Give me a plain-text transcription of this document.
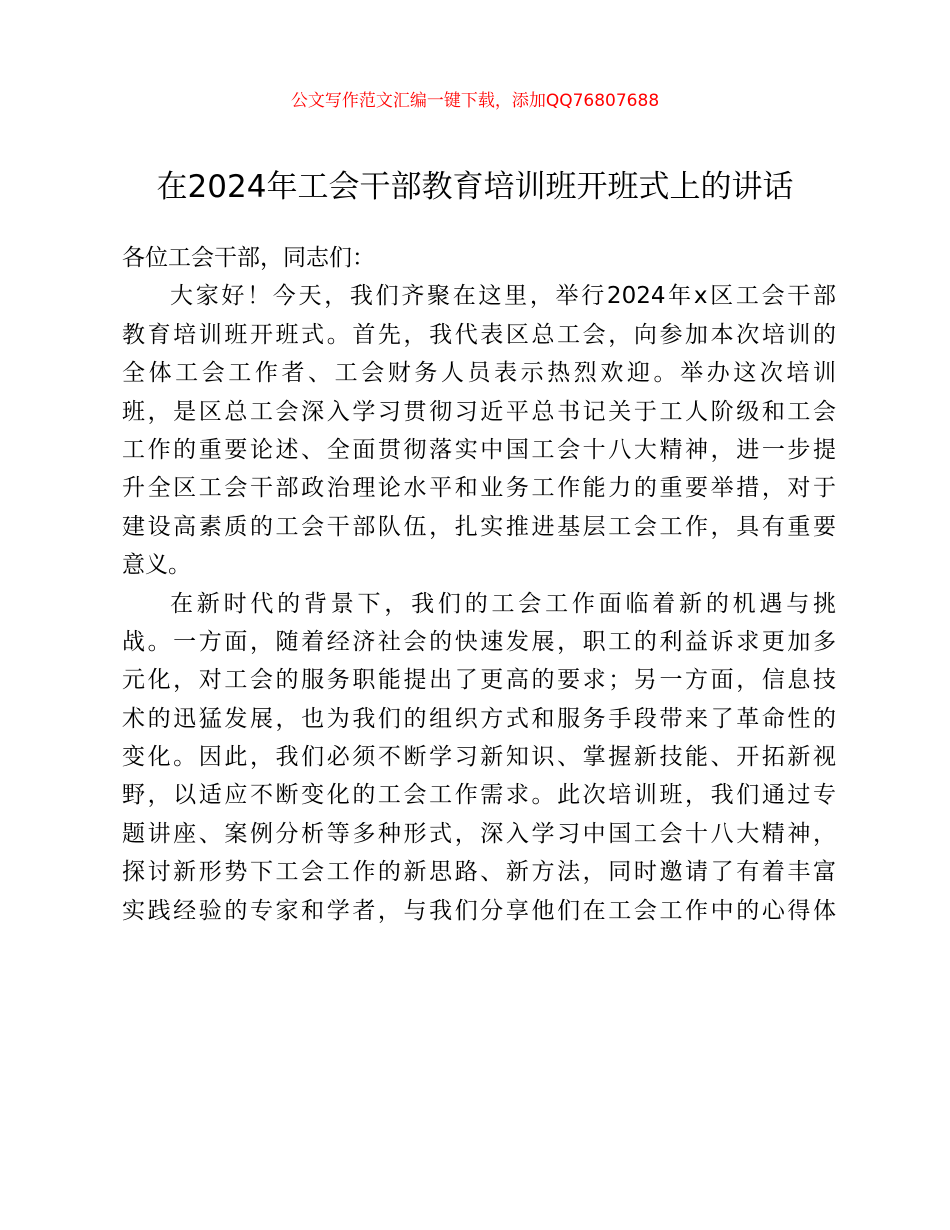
公文写作范文汇编一键下载，添加QQ76807688
在2024年工会干部教育培训班开班式上的讲话
各位工会干部，同志们：
大家好！今天，我们齐聚在这里，举行2024年x区工会干部
教育培训班开班式。首先，我代表区总工会，向参加本次培训的
全体工会工作者、工会财务人员表示热烈欢迎。举办这次培训
班，是区总工会深入学习贯彻习近平总书记关于工人阶级和工会
工作的重要论述、全面贯彻落实中国工会十八大精神，进一步提
升全区工会干部政治理论水平和业务工作能力的重要举措，对于
建设高素质的工会干部队伍，扎实推进基层工会工作，具有重要
意义。
在新时代的背景下，我们的工会工作面临着新的机遇与挑
战。一方面，随着经济社会的快速发展，职工的利益诉求更加多
元化，对工会的服务职能提出了更高的要求；另一方面，信息技
术的迅猛发展，也为我们的组织方式和服务手段带来了革命性的
变化。因此，我们必须不断学习新知识、掌握新技能、开拓新视
野，以适应不断变化的工会工作需求。此次培训班，我们通过专
题讲座、案例分析等多种形式，深入学习中国工会十八大精神，
探讨新形势下工会工作的新思路、新方法，同时邀请了有着丰富
实践经验的专家和学者，与我们分享他们在工会工作中的心得体
